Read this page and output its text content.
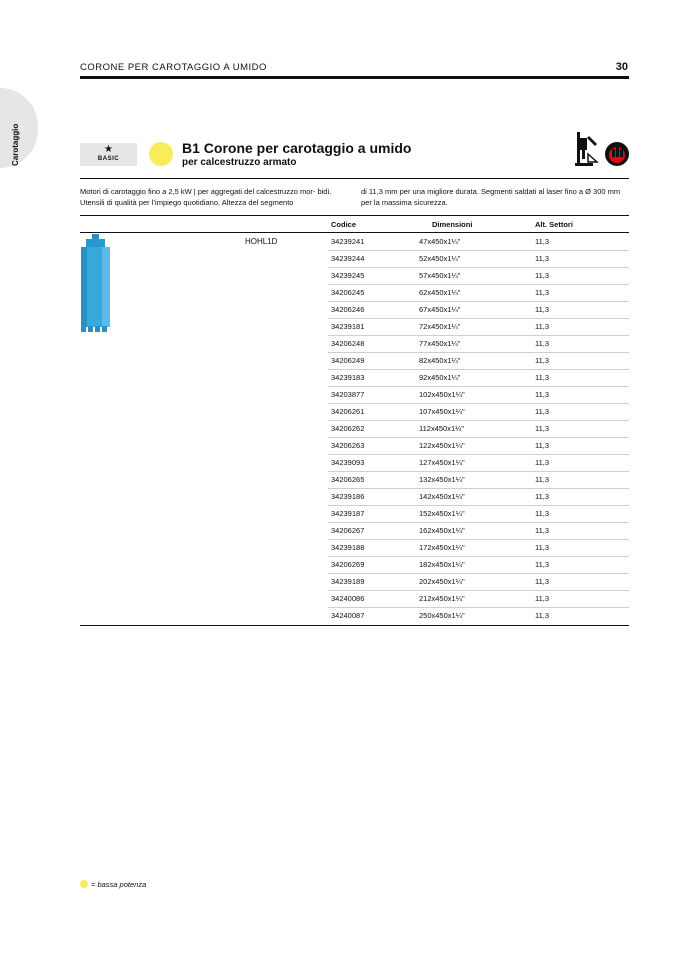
Carotaggio
CORONE PER CAROTAGGIO A UMIDO	30
★
BASIC
B1 Corone per carotaggio a umido
per calcestruzzo armato
Motori di carotaggio fino a 2,5 kW | per aggregati del calcestruzzo mor- bidi. Utensili di qualità per l’impiego quotidiano. Altezza del segmento
di 11,3 mm per una migliore durata. Segmenti saldati al laser fino a Ø 300 mm per la massima sicurezza.
Codice	Dimensioni	Alt. Settori
HOHL1D	34239241	47x450x1¼"	11,3
34239244	52x450x1¼"	11,3
34239245	57x450x1¼"	11,3
34206245	62x450x1¼"	11,3
34206246	67x450x1¼"	11,3
34239181	72x450x1¼"	11,3
34206248	77x450x1¼"	11,3
34206249	82x450x1¼"	11,3
34239183	92x450x1¼"	11,3
34203877	102x450x1¼"	11,3
34206261	107x450x1¼"	11,3
34206262	112x450x1¼"	11,3
34206263	122x450x1¼"	11,3
34239093	127x450x1¼"	11,3
34206265	132x450x1¼"	11,3
34239186	142x450x1¼"	11,3
34239187	152x450x1¼"	11,3
34206267	162x450x1¼"	11,3
34239188	172x450x1¼"	11,3
34206269	182x450x1¼"	11,3
34239189	202x450x1¼"	11,3
34240086	212x450x1¼"	11,3
34240087	250x450x1¼"	11,3
= bassa potenza
